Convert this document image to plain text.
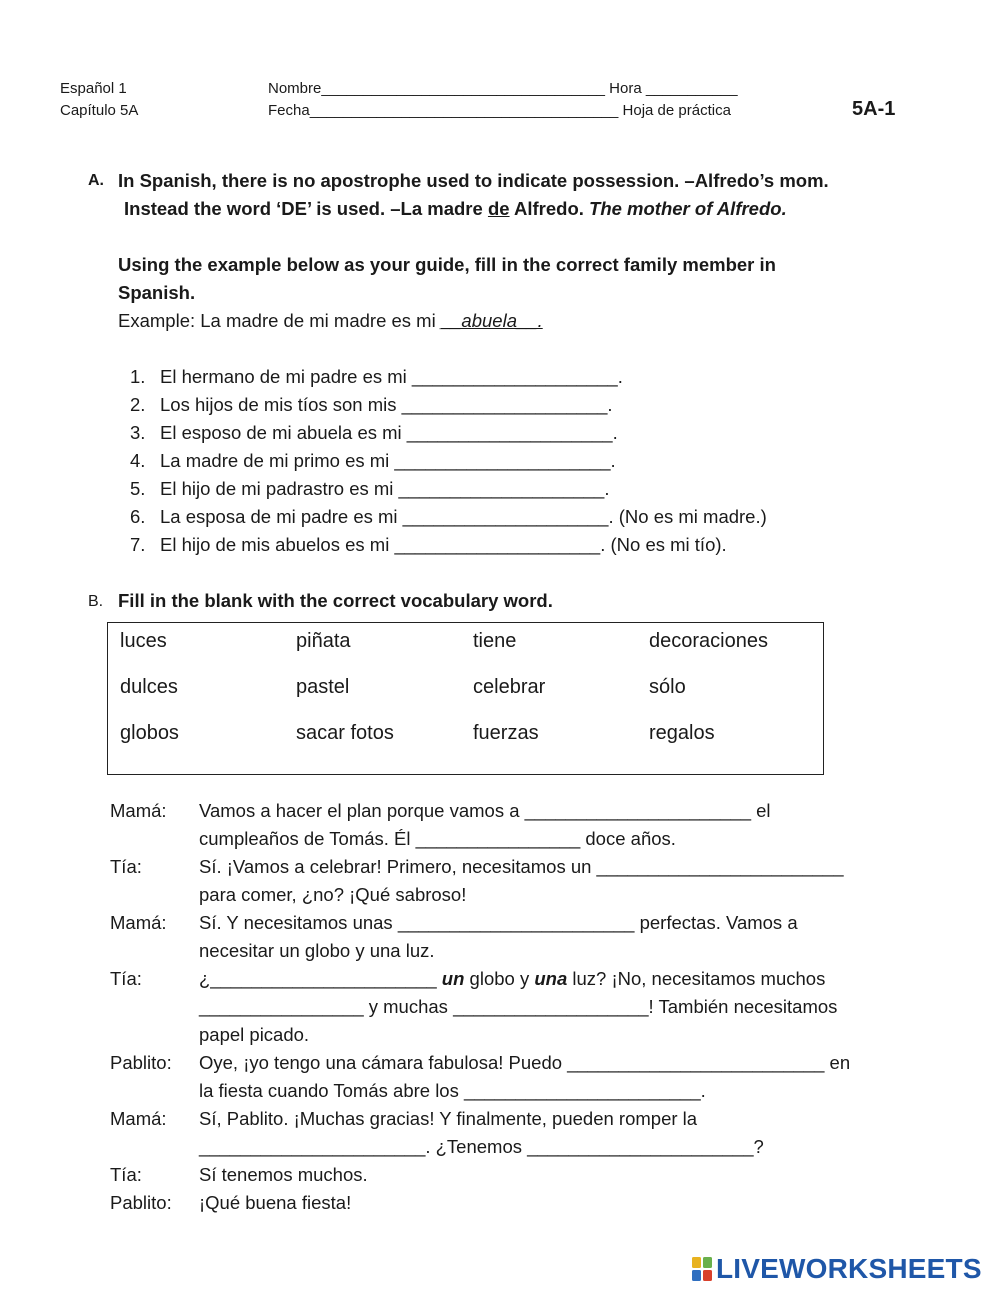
Español 1
Capítulo 5A
Nombre__________________________________ Hora ___________
Fecha_____________________________________ Hoja de práctica	5A-1
A. In Spanish, there is no apostrophe used to indicate possession. –Alfredo’s mom.
Instead the word ‘DE’ is used. –La madre de Alfredo. The mother of Alfredo.
Using the example below as your guide, fill in the correct family member in
Spanish.
Example: La madre de mi madre es mi __abuela__.
1. El hermano de mi padre es mi ____________________.
2. Los hijos de mis tíos son mis ____________________.
3. El esposo de mi abuela es mi ____________________.
4. La madre de mi primo es mi _____________________.
5. El hijo de mi padrastro es mi ____________________.
6. La esposa de mi padre es mi ____________________. (No es mi madre.)
7. El hijo de mis abuelos es mi ____________________. (No es mi tío).
B. Fill in the blank with the correct vocabulary word.
luces	piñata	tiene	decoraciones
dulces	pastel	celebrar	sólo
globos	sacar fotos	fuerzas	regalos
Mamá: Vamos a hacer el plan porque vamos a ______________________ el
cumpleaños de Tomás. Él ________________ doce años.
Tía:	Sí. ¡Vamos a celebrar! Primero, necesitamos un ________________________
para comer, ¿no? ¡Qué sabroso!
Mamá: Sí. Y necesitamos unas _______________________ perfectas. Vamos a
necesitar un globo y una luz.
Tía:	¿______________________ un globo y una luz? ¡No, necesitamos muchos
________________ y muchas ___________________! También necesitamos
papel picado.
Pablito: Oye, ¡yo tengo una cámara fabulosa! Puedo _________________________ en
la fiesta cuando Tomás abre los _______________________.
Mamá: Sí, Pablito. ¡Muchas gracias! Y finalmente, pueden romper la
______________________. ¿Tenemos ______________________?
Tía:	Sí tenemos muchos.
Pablito: ¡Qué buena fiesta!
LIVEWORKSHEETS
